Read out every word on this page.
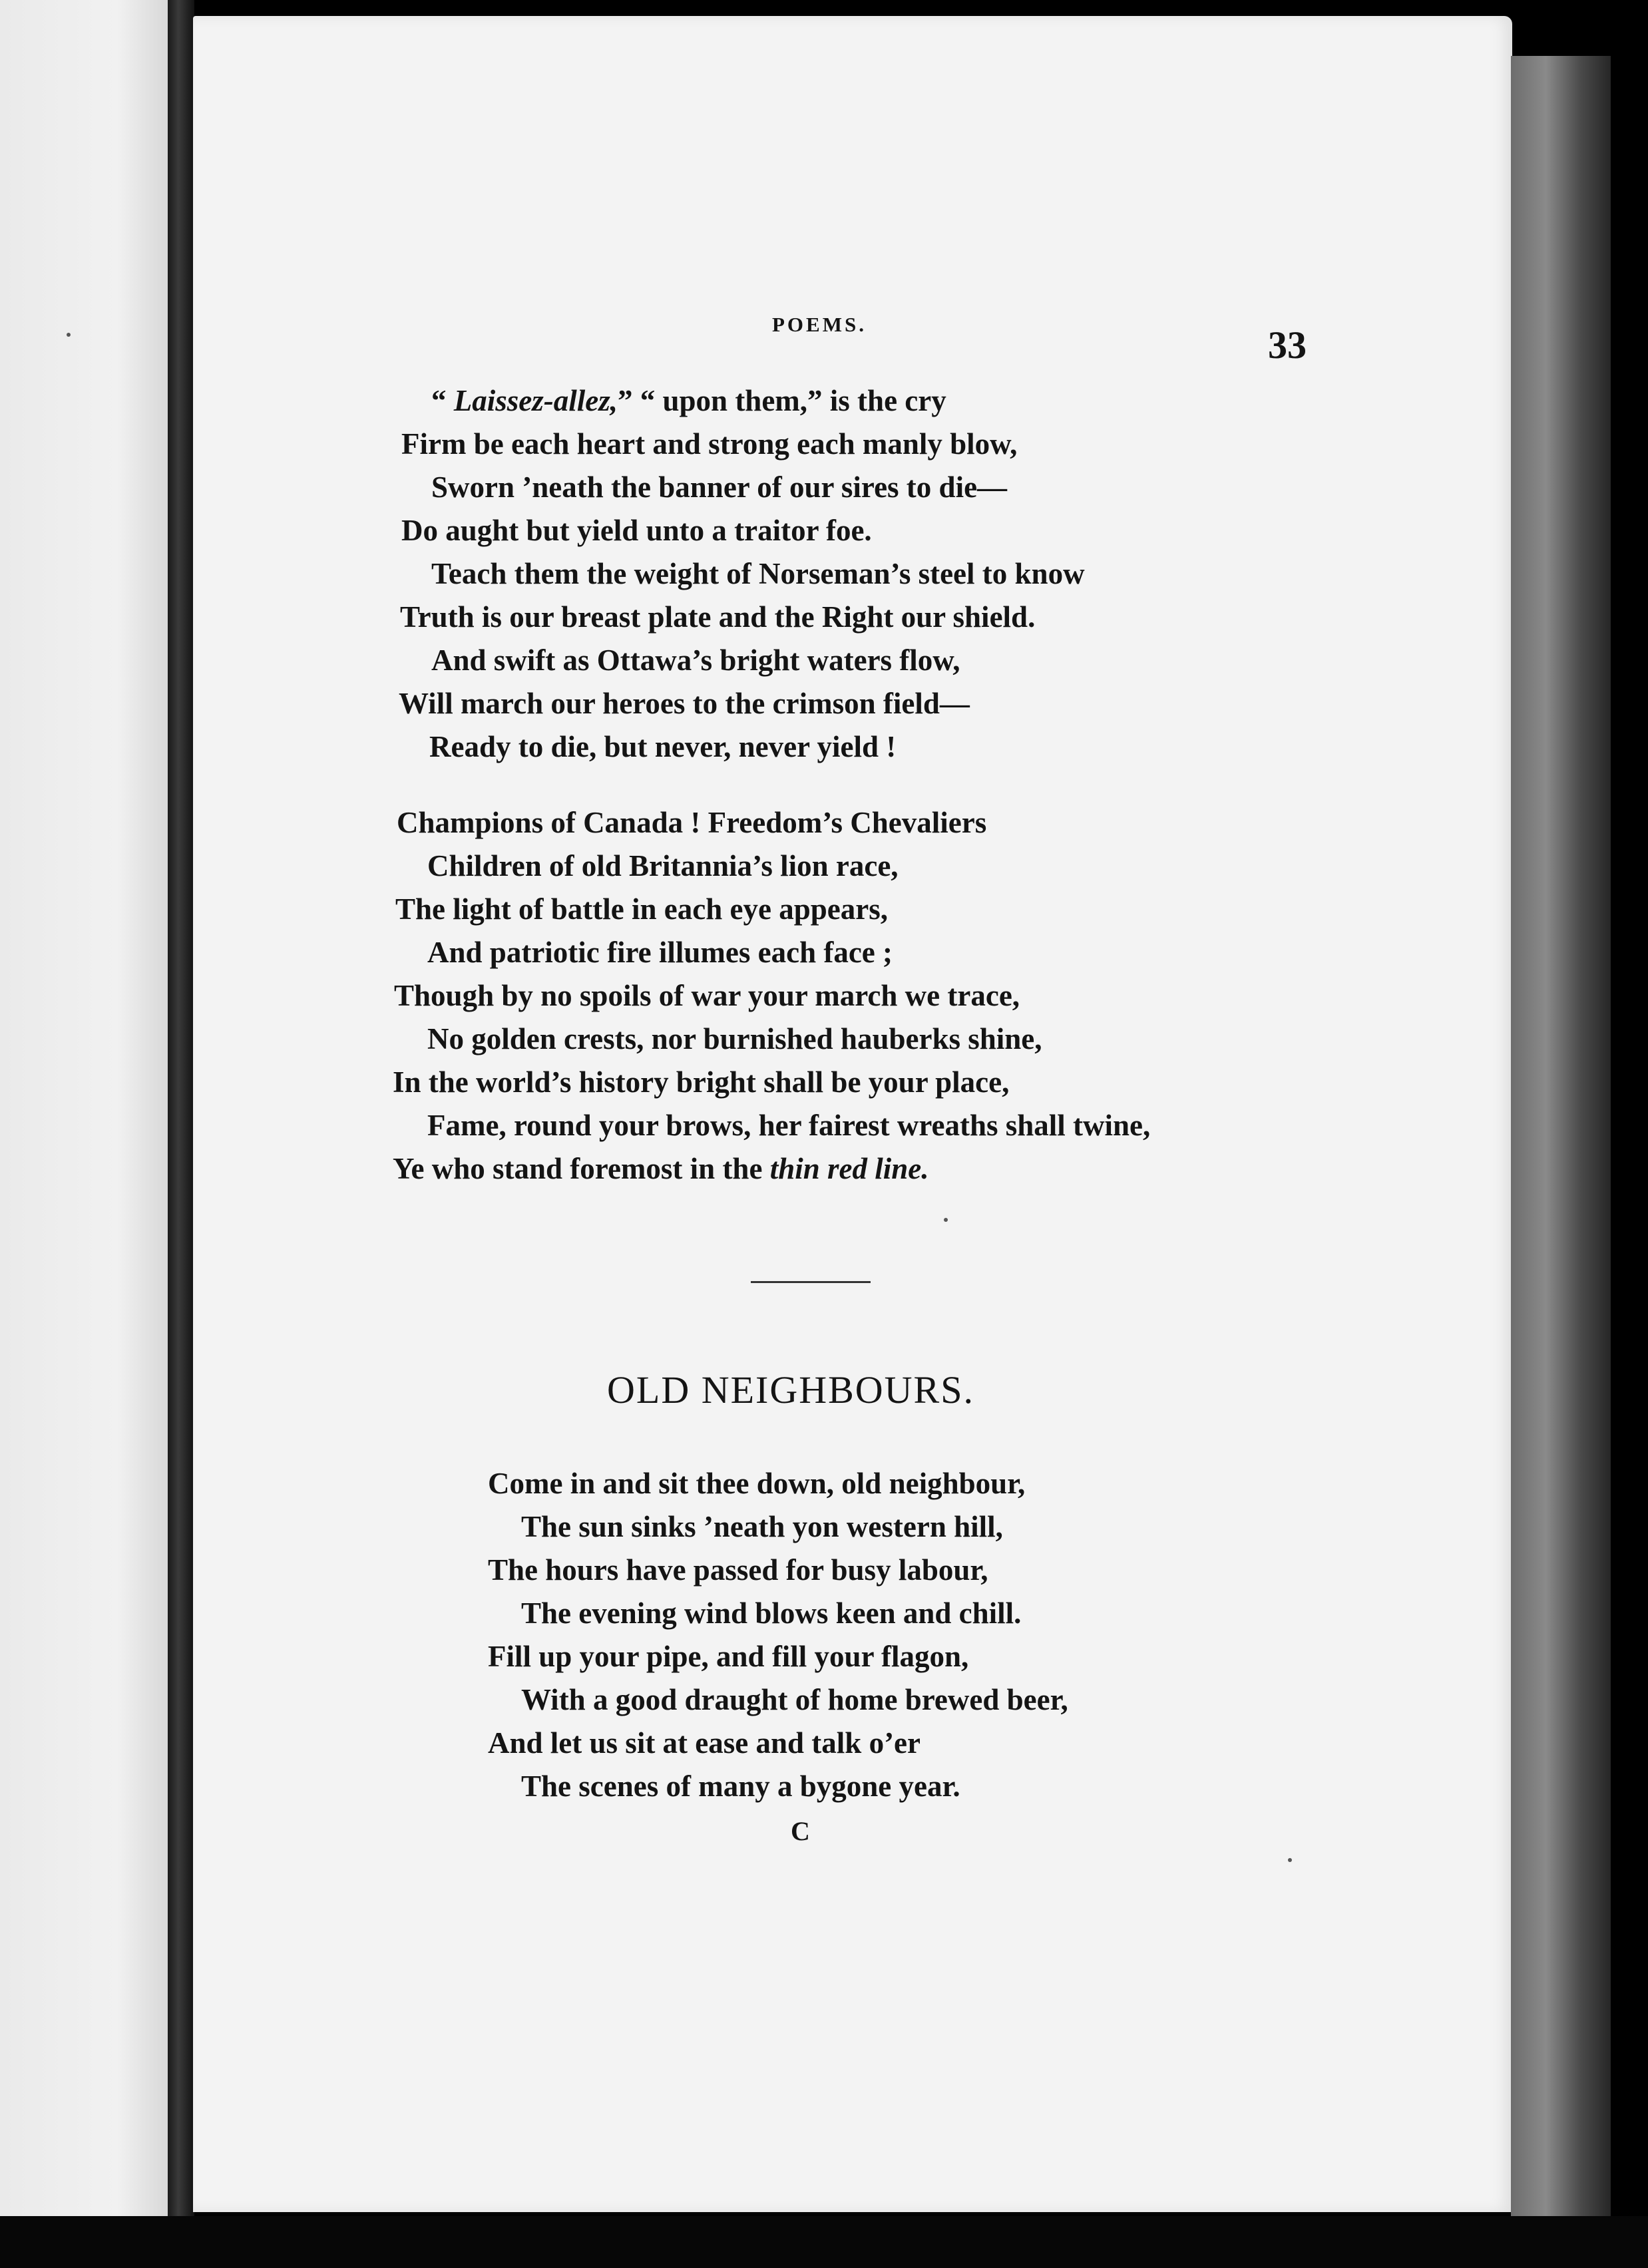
POEMS.	33
“ Laissez-allez,” “ upon them,” is the cry
Firm be each heart and strong each manly blow,
Sworn ’neath the banner of our sires to die—
Do aught but yield unto a traitor foe.
Teach them the weight of Norseman’s steel to know
Truth is our breast plate and the Right our shield.
And swift as Ottawa’s bright waters flow,
Will march our heroes to the crimson field—
Ready to die, but never, never yield !
Champions of Canada ! Freedom’s Chevaliers
Children of old Britannia’s lion race,
The light of battle in each eye appears,
And patriotic fire illumes each face ;
Though by no spoils of war your march we trace,
No golden crests, nor burnished hauberks shine,
In the world’s history bright shall be your place,
Fame, round your brows, her fairest wreaths shall twine,
Ye who stand foremost in the thin red line.
OLD NEIGHBOURS.
Come in and sit thee down, old neighbour,
The sun sinks ’neath yon western hill,
The hours have passed for busy labour,
The evening wind blows keen and chill.
Fill up your pipe, and fill your flagon,
With a good draught of home brewed beer,
And let us sit at ease and talk o’er
The scenes of many a bygone year.
C
